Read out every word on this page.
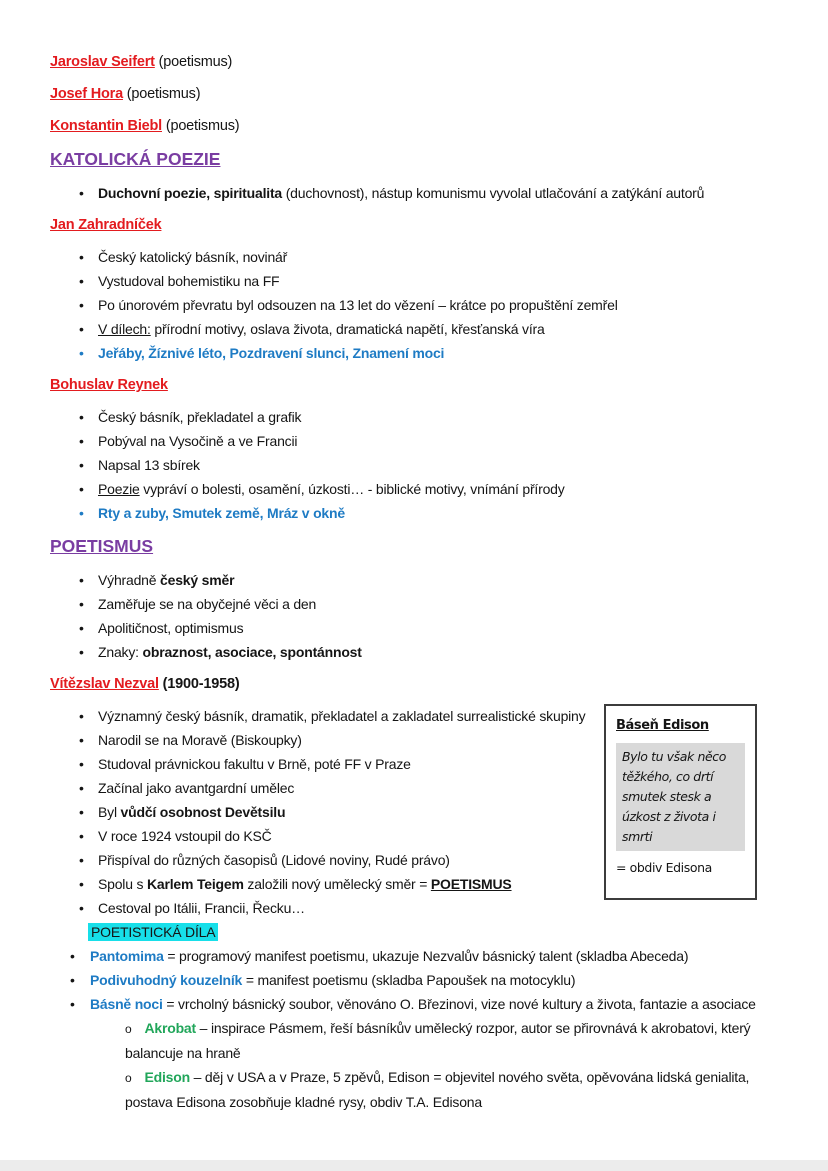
Jaroslav Seifert (poetismus)

Josef Hora (poetismus)

Konstantin Biebl (poetismus)

KATOLICKÁ POEZIE
• Duchovní poezie, spiritualita (duchovnost), nástup komunismu vyvolal utlačování a zatýkání autorů
Jan Zahradníček
• Český katolický básník, novinář
• Vystudoval bohemistiku na FF
• Po únorovém převratu byl odsouzen na 13 let do vězení – krátce po propuštění zemřel
• V dílech: přírodní motivy, oslava života, dramatická napětí, křesťanská víra
• Jeřáby, Žíznivé léto, Pozdravení slunci, Znamení moci
Bohuslav Reynek
• Český básník, překladatel a grafik
• Pobýval na Vysočině a ve Francii
• Napsal 13 sbírek
• Poezie vypráví o bolesti, osamění, úzkosti… - biblické motivy, vnímání přírody
• Rty a zuby, Smutek země, Mráz v okně
POETISMUS
• Výhradně český směr
• Zaměřuje se na obyčejné věci a den
• Apolitičnost, optimismus
• Znaky: obraznost, asociace, spontánnost
Vítězslav Nezval (1900-1958)
Báseň Edison
Bylo tu však něco těžkého, co drtí smutek stesk a úzkost z života i smrti
= obdiv Edisona
• Významný český básník, dramatik, překladatel a zakladatel surrealistické skupiny
• Narodil se na Moravě (Biskoupky)
• Studoval právnickou fakultu v Brně, poté FF v Praze
• Začínal jako avantgardní umělec
• Byl vůdčí osobnost Devětsilu
• V roce 1924 vstoupil do KSČ
• Přispíval do různých časopisů (Lidové noviny, Rudé právo)
• Spolu s Karlem Teigem založili nový umělecký směr = POETISMUS
• Cestoval po Itálii, Francii, Řecku…
POETISTICKÁ DÍLA
• Pantomima = programový manifest poetismu, ukazuje Nezvalův básnický talent (skladba Abeceda)
• Podivuhodný kouzelník = manifest poetismu (skladba Papoušek na motocyklu)
• Básně noci = vrcholný básnický soubor, věnováno O. Březinovi, vize nové kultury a života, fantazie a asociace
o Akrobat – inspirace Pásmem, řeší básníkův umělecký rozpor, autor se přirovnává k akrobatovi, který balancuje na hraně
o Edison – děj v USA a v Praze, 5 zpěvů, Edison = objevitel nového světa, opěvována lidská genialita, postava Edisona zosobňuje kladné rysy, obdiv T.A. Edisona
